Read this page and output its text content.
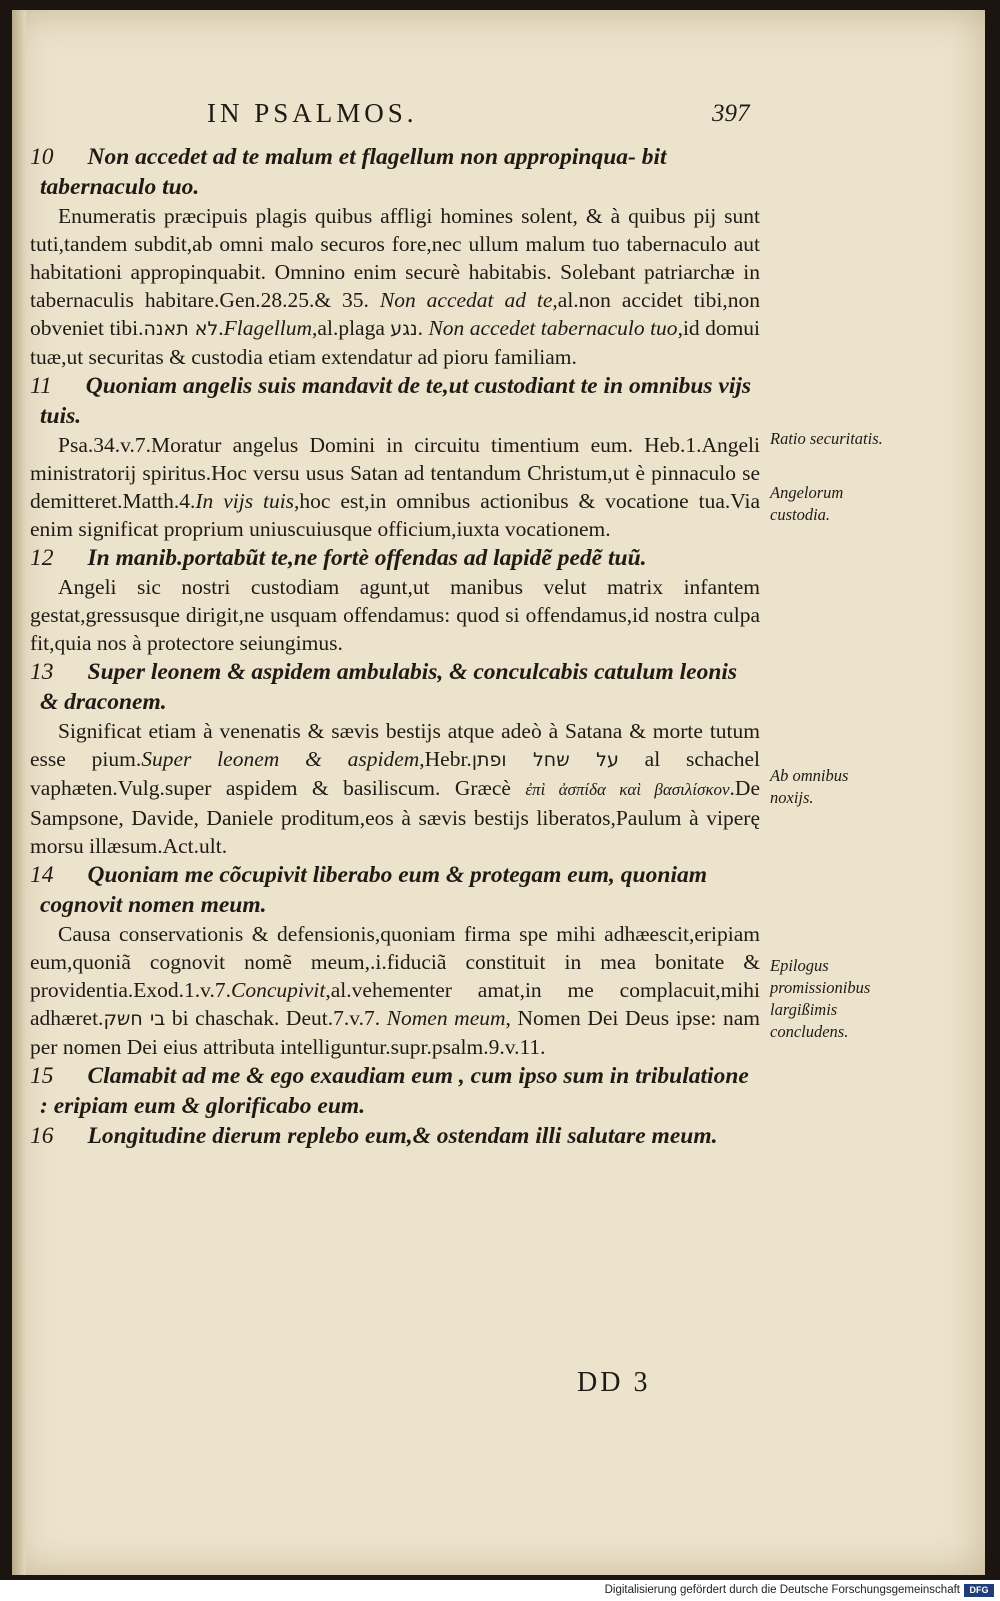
IN PSALMOS.	397

10 Non accedet ad te malum et flagellum non appropinqua- bit tabernaculo tuo.

Enumeratis præcipuis plagis quibus affligi homines solent, & à quibus pij sunt tuti,tandem subdit,ab omni malo securos fore,nec ullum malum tuo tabernaculo aut habitationi appropinquabit. Omnino enim securè habitabis. Solebant patriarchæ in tabernaculis habitare.Gen.28.25.& 35. Non accedat ad te,al.non accidet tibi,non obveniet tibi.לא תאנה.Flagellum,al.plaga נגע. Non accedet tabernaculo tuo,id domui tuæ,ut securitas & custodia etiam extendatur ad pioru familiam.

11 Quoniam angelis suis mandavit de te,ut custodiant te in omnibus vijs tuis.

Psa.34.v.7.Moratur angelus Domini in circuitu timentium eum. Heb.1.Angeli ministratorij spiritus.Hoc versu usus Satan ad tentandum Christum,ut è pinnaculo se demitteret.Matth.4.In vijs tuis,hoc est,in omnibus actionibus & vocatione tua.Via enim significat proprium uniuscuiusque officium,iuxta vocationem.

12 In manib.portabũt te,ne fortè offendas ad lapidẽ pedẽ tuũ.

Angeli sic nostri custodiam agunt,ut manibus velut matrix infantem gestat,gressusque dirigit,ne usquam offendamus: quod si offendamus,id nostra culpa fit,quia nos à protectore seiungimus.

13 Super leonem & aspidem ambulabis, & conculcabis catulum leonis & draconem.

Significat etiam à venenatis & sævis bestijs atque adeò à Satana & morte tutum esse pium.Super leonem & aspidem,Hebr.על שחל ופתן al schachel vaphæten.Vulg.super aspidem & basiliscum. Græcè ἐπὶ ἀσπίδα καὶ βασιλίσκον.De Sampsone, Davide, Daniele proditum,eos à sævis bestijs liberatos,Paulum à viperę morsu illæsum.Act.ult.

14 Quoniam me cõcupivit liberabo eum & protegam eum, quoniam cognovit nomen meum.

Causa conservationis & defensionis,quoniam firma spe mihi adhæescit,eripiam eum,quoniã cognovit nomẽ meum,.i.fiduciã constituit in mea bonitate & providentia.Exod.1.v.7.Concupivit,al.vehementer amat,in me complacuit,mihi adhæret.בי חשק bi chaschak. Deut.7.v.7. Nomen meum, Nomen Dei Deus ipse: nam per nomen Dei eius attributa intelliguntur.supr.psalm.9.v.11.

15 Clamabit ad me & ego exaudiam eum , cum ipso sum in tribulatione : eripiam eum & glorificabo eum.

16 Longitudine dierum replebo eum,& ostendam illi salutare meum.

Ratio securitatis.
Angelorum custodia.
Ab omnibus noxijs.
Epilogus promissionibus largißimis concludens.
DD 3
Digitalisierung gefördert durch die Deutsche Forschungsgemeinschaft	DFG
